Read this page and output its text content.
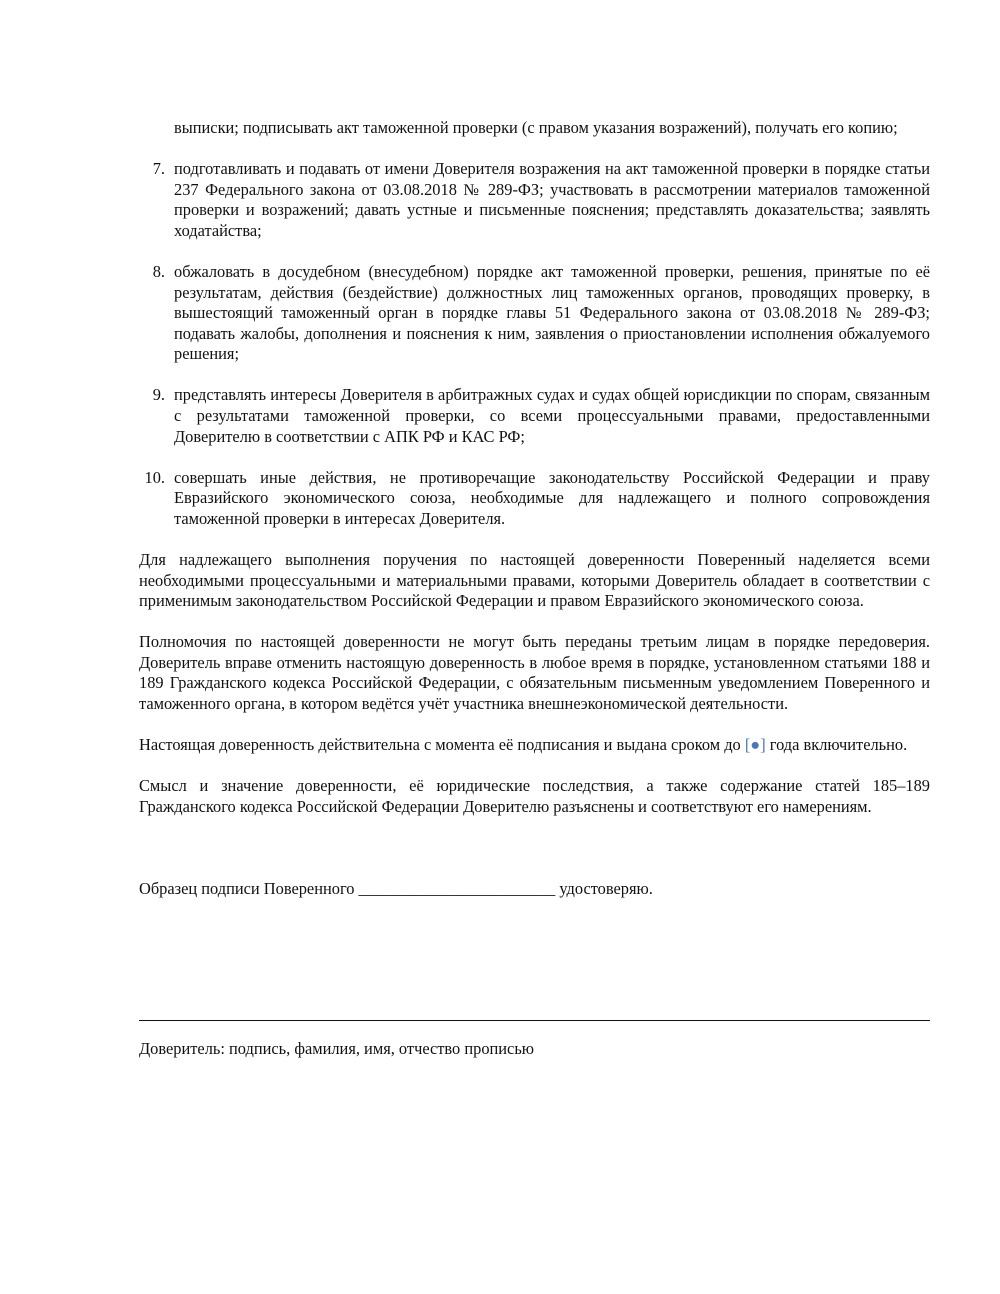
выписки; подписывать акт таможенной проверки (с правом указания возражений), получать его копию;

7. подготавливать и подавать от имени Доверителя возражения на акт таможенной проверки в порядке статьи 237 Федерального закона от 03.08.2018 № 289-ФЗ; участвовать в рассмотрении материалов таможенной проверки и возражений; давать устные и письменные пояснения; представлять доказательства; заявлять ходатайства;

8. обжаловать в досудебном (внесудебном) порядке акт таможенной проверки, решения, принятые по её результатам, действия (бездействие) должностных лиц таможенных органов, проводящих проверку, в вышестоящий таможенный орган в порядке главы 51 Федерального закона от 03.08.2018 № 289-ФЗ; подавать жалобы, дополнения и пояснения к ним, заявления о приостановлении исполнения обжалуемого решения;

9. представлять интересы Доверителя в арбитражных судах и судах общей юрисдикции по спорам, связанным с результатами таможенной проверки, со всеми процессуальными правами, предоставленными Доверителю в соответствии с АПК РФ и КАС РФ;

10. совершать иные действия, не противоречащие законодательству Российской Федерации и праву Евразийского экономического союза, необходимые для надлежащего и полного сопровождения таможенной проверки в интересах Доверителя.

Для надлежащего выполнения поручения по настоящей доверенности Поверенный наделяется всеми необходимыми процессуальными и материальными правами, которыми Доверитель обладает в соответствии с применимым законодательством Российской Федерации и правом Евразийского экономического союза.

Полномочия по настоящей доверенности не могут быть переданы третьим лицам в порядке передоверия. Доверитель вправе отменить настоящую доверенность в любое время в порядке, установленном статьями 188 и 189 Гражданского кодекса Российской Федерации, с обязательным письменным уведомлением Поверенного и таможенного органа, в котором ведётся учёт участника внешнеэкономической деятельности.

Настоящая доверенность действительна с момента её подписания и выдана сроком до [●] года включительно.

Смысл и значение доверенности, её юридические последствия, а также содержание статей 185–189 Гражданского кодекса Российской Федерации Доверителю разъяснены и соответствуют его намерениям.

Образец подписи Поверенного ________________________ удостоверяю.

Доверитель: подпись, фамилия, имя, отчество прописью
